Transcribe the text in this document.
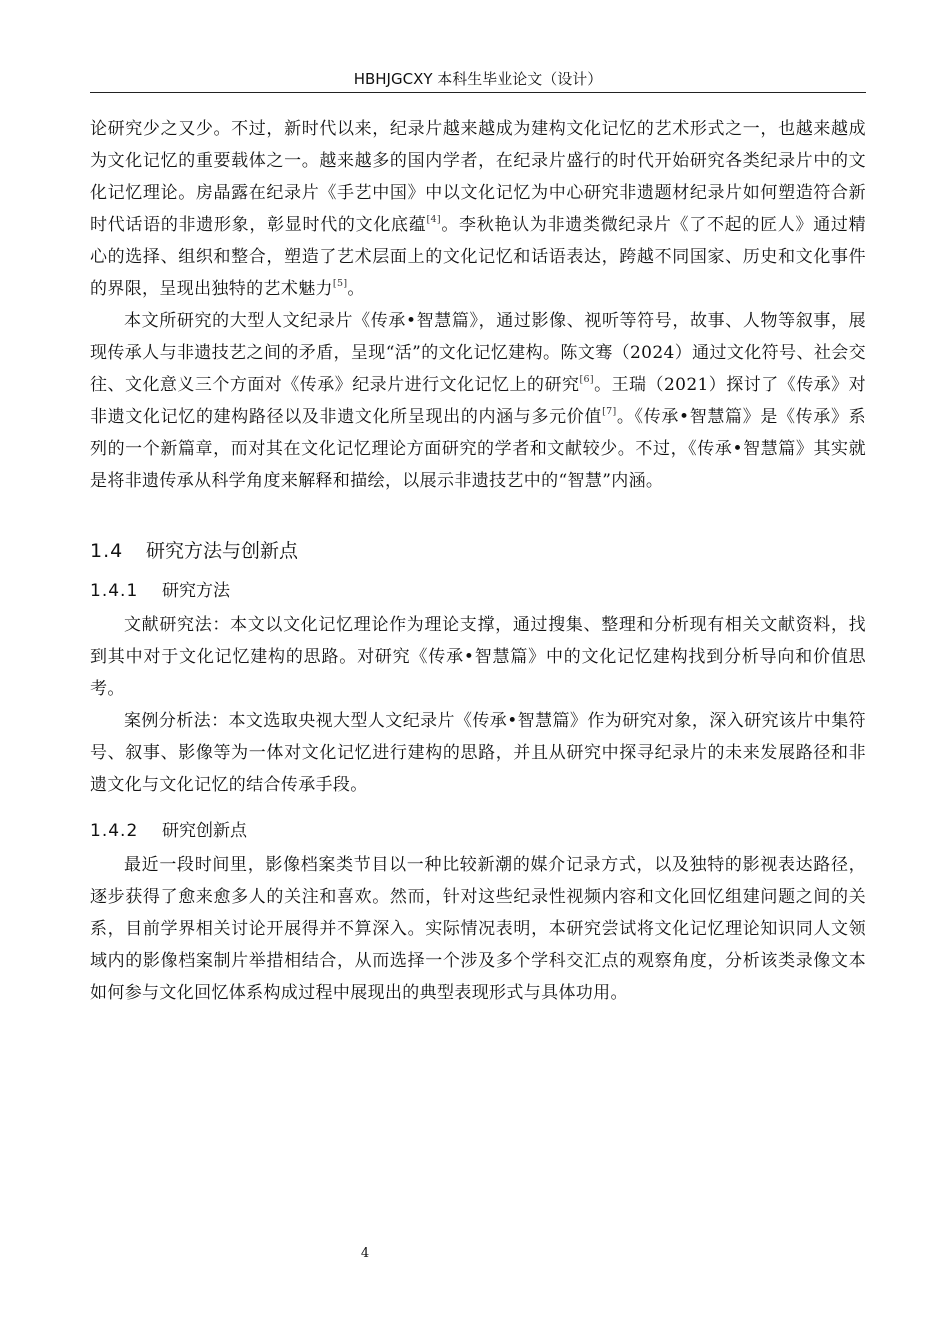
HBHJGCXY 本科生毕业论文（设计）

论研究少之又少。不过，新时代以来，纪录片越来越成为建构文化记忆的艺术形式之一，也越来越成为文化记忆的重要载体之一。越来越多的国内学者，在纪录片盛行的时代开始研究各类纪录片中的文化记忆理论。房晶露在纪录片《手艺中国》中以文化记忆为中心研究非遗题材纪录片如何塑造符合新时代话语的非遗形象，彰显时代的文化底蕴[4]。李秋艳认为非遗类微纪录片《了不起的匠人》通过精心的选择、组织和整合，塑造了艺术层面上的文化记忆和话语表达，跨越不同国家、历史和文化事件的界限，呈现出独特的艺术魅力[5]。

本文所研究的大型人文纪录片《传承•智慧篇》，通过影像、视听等符号，故事、人物等叙事，展现传承人与非遗技艺之间的矛盾，呈现“活”的文化记忆建构。陈文骞（2024）通过文化符号、社会交往、文化意义三个方面对《传承》纪录片进行文化记忆上的研究[6]。王瑞（2021）探讨了《传承》对非遗文化记忆的建构路径以及非遗文化所呈现出的内涵与多元价值[7]。《传承•智慧篇》是《传承》系列的一个新篇章，而对其在文化记忆理论方面研究的学者和文献较少。不过，《传承•智慧篇》其实就是将非遗传承从科学角度来解释和描绘，以展示非遗技艺中的“智慧”内涵。

1.4 研究方法与创新点
1.4.1 研究方法

文献研究法：本文以文化记忆理论作为理论支撑，通过搜集、整理和分析现有相关文献资料，找到其中对于文化记忆建构的思路。对研究《传承•智慧篇》中的文化记忆建构找到分析导向和价值思考。

案例分析法：本文选取央视大型人文纪录片《传承•智慧篇》作为研究对象，深入研究该片中集符号、叙事、影像等为一体对文化记忆进行建构的思路，并且从研究中探寻纪录片的未来发展路径和非遗文化与文化记忆的结合传承手段。

1.4.2 研究创新点

最近一段时间里，影像档案类节目以一种比较新潮的媒介记录方式，以及独特的影视表达路径，逐步获得了愈来愈多人的关注和喜欢。然而，针对这些纪录性视频内容和文化回忆组建问题之间的关系，目前学界相关讨论开展得并不算深入。实际情况表明，本研究尝试将文化记忆理论知识同人文领域内的影像档案制片举措相结合，从而选择一个涉及多个学科交汇点的观察角度，分析该类录像文本如何参与文化回忆体系构成过程中展现出的典型表现形式与具体功用。

4
